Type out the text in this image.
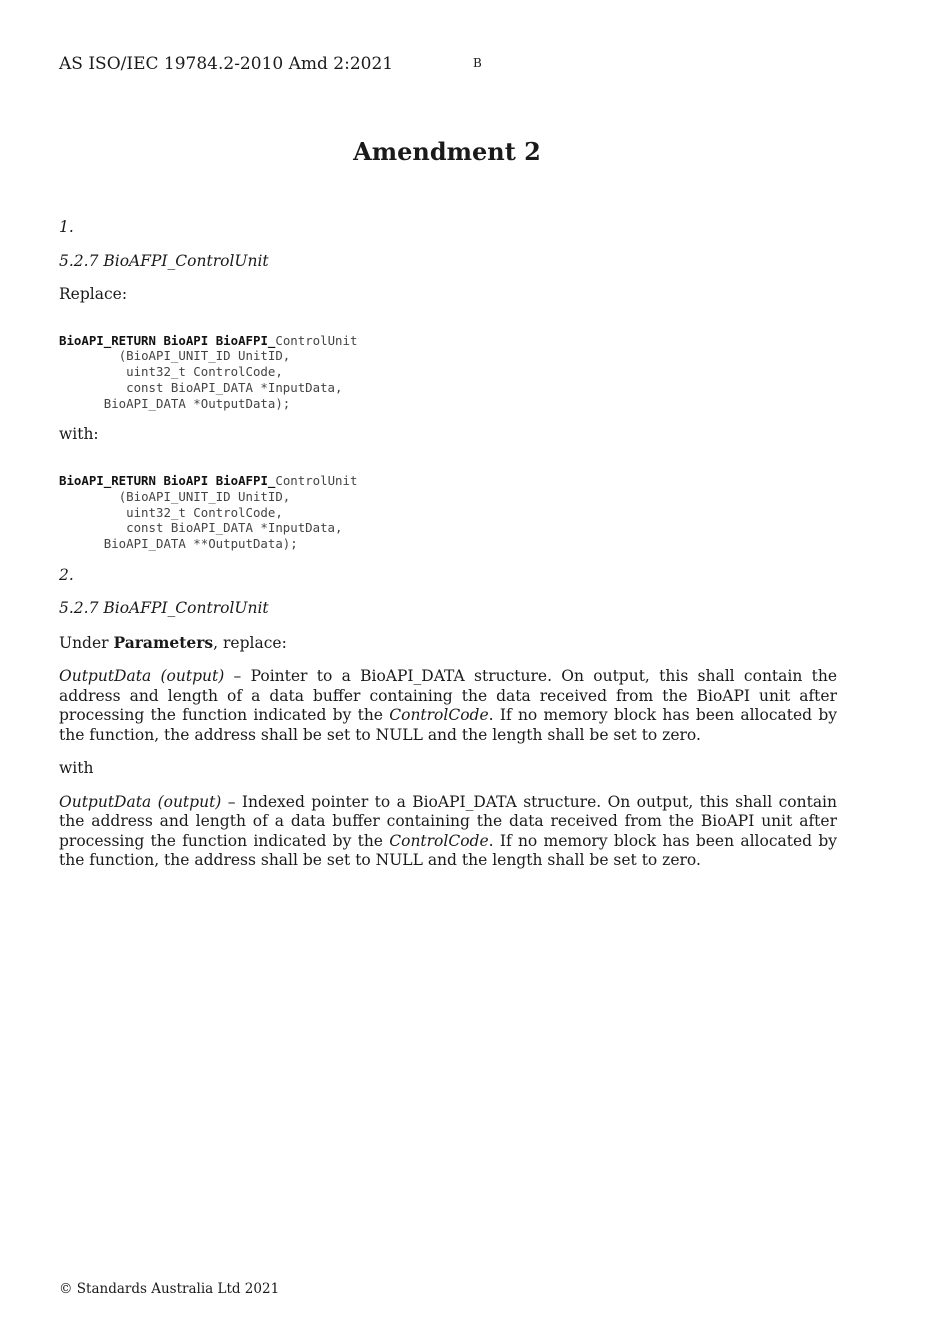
AS ISO/IEC 19784.2-2010 Amd 2:2021	B
Amendment 2

1.

5.2.7 BioAFPI_ControlUnit

Replace:

BioAPI_RETURN BioAPI BioAFPI_ControlUnit
(BioAPI_UNIT_ID UnitID,
uint32_t ControlCode,
const BioAPI_DATA *InputData,
BioAPI_DATA *OutputData);

with:

BioAPI_RETURN BioAPI BioAFPI_ControlUnit
(BioAPI_UNIT_ID UnitID,
uint32_t ControlCode,
const BioAPI_DATA *InputData,
BioAPI_DATA **OutputData);

2.

5.2.7 BioAFPI_ControlUnit

Under Parameters, replace:

OutputData (output) – Pointer to a BioAPI_DATA structure. On output, this shall contain the address and length of a data buffer containing the data received from the BioAPI unit after processing the function indicated by the ControlCode. If no memory block has been allocated by the function, the address shall be set to NULL and the length shall be set to zero.

with

OutputData (output) – Indexed pointer to a BioAPI_DATA structure. On output, this shall contain the address and length of a data buffer containing the data received from the BioAPI unit after processing the function indicated by the ControlCode. If no memory block has been allocated by the function, the address shall be set to NULL and the length shall be set to zero.

© Standards Australia Ltd 2021
